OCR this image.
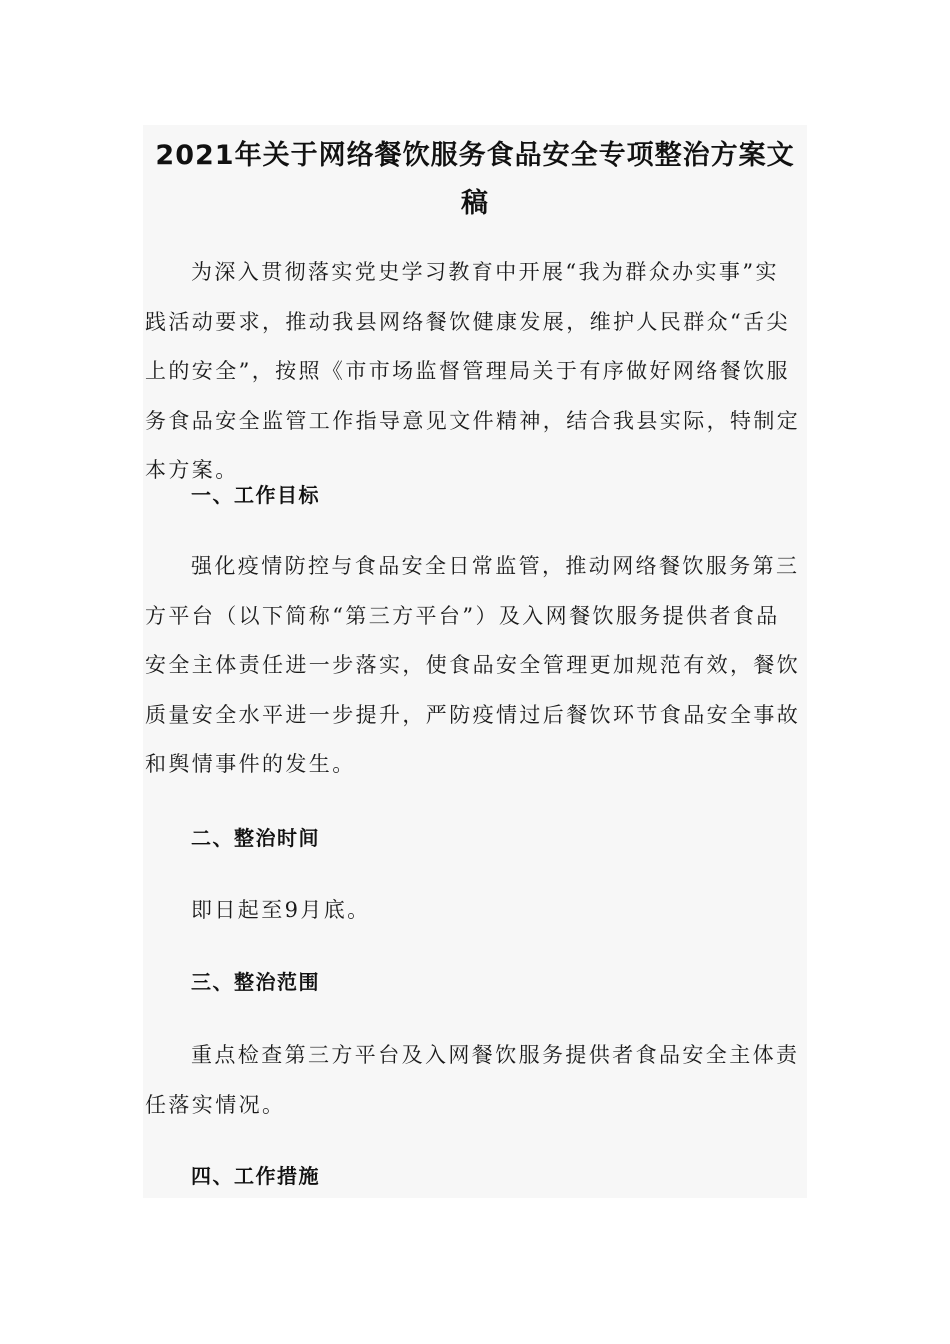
2021年关于网络餐饮服务食品安全专项整治方案文稿

为深入贯彻落实党史学习教育中开展“我为群众办实事”实践活动要求，推动我县网络餐饮健康发展，维护人民群众“舌尖上的安全”，按照《市市场监督管理局关于有序做好网络餐饮服务食品安全监管工作指导意见文件精神，结合我县实际，特制定本方案。

一、工作目标

强化疫情防控与食品安全日常监管，推动网络餐饮服务第三方平台（以下简称“第三方平台”）及入网餐饮服务提供者食品安全主体责任进一步落实，使食品安全管理更加规范有效，餐饮质量安全水平进一步提升，严防疫情过后餐饮环节食品安全事故和舆情事件的发生。

二、整治时间

即日起至9月底。

三、整治范围

重点检查第三方平台及入网餐饮服务提供者食品安全主体责任落实情况。

四、工作措施
